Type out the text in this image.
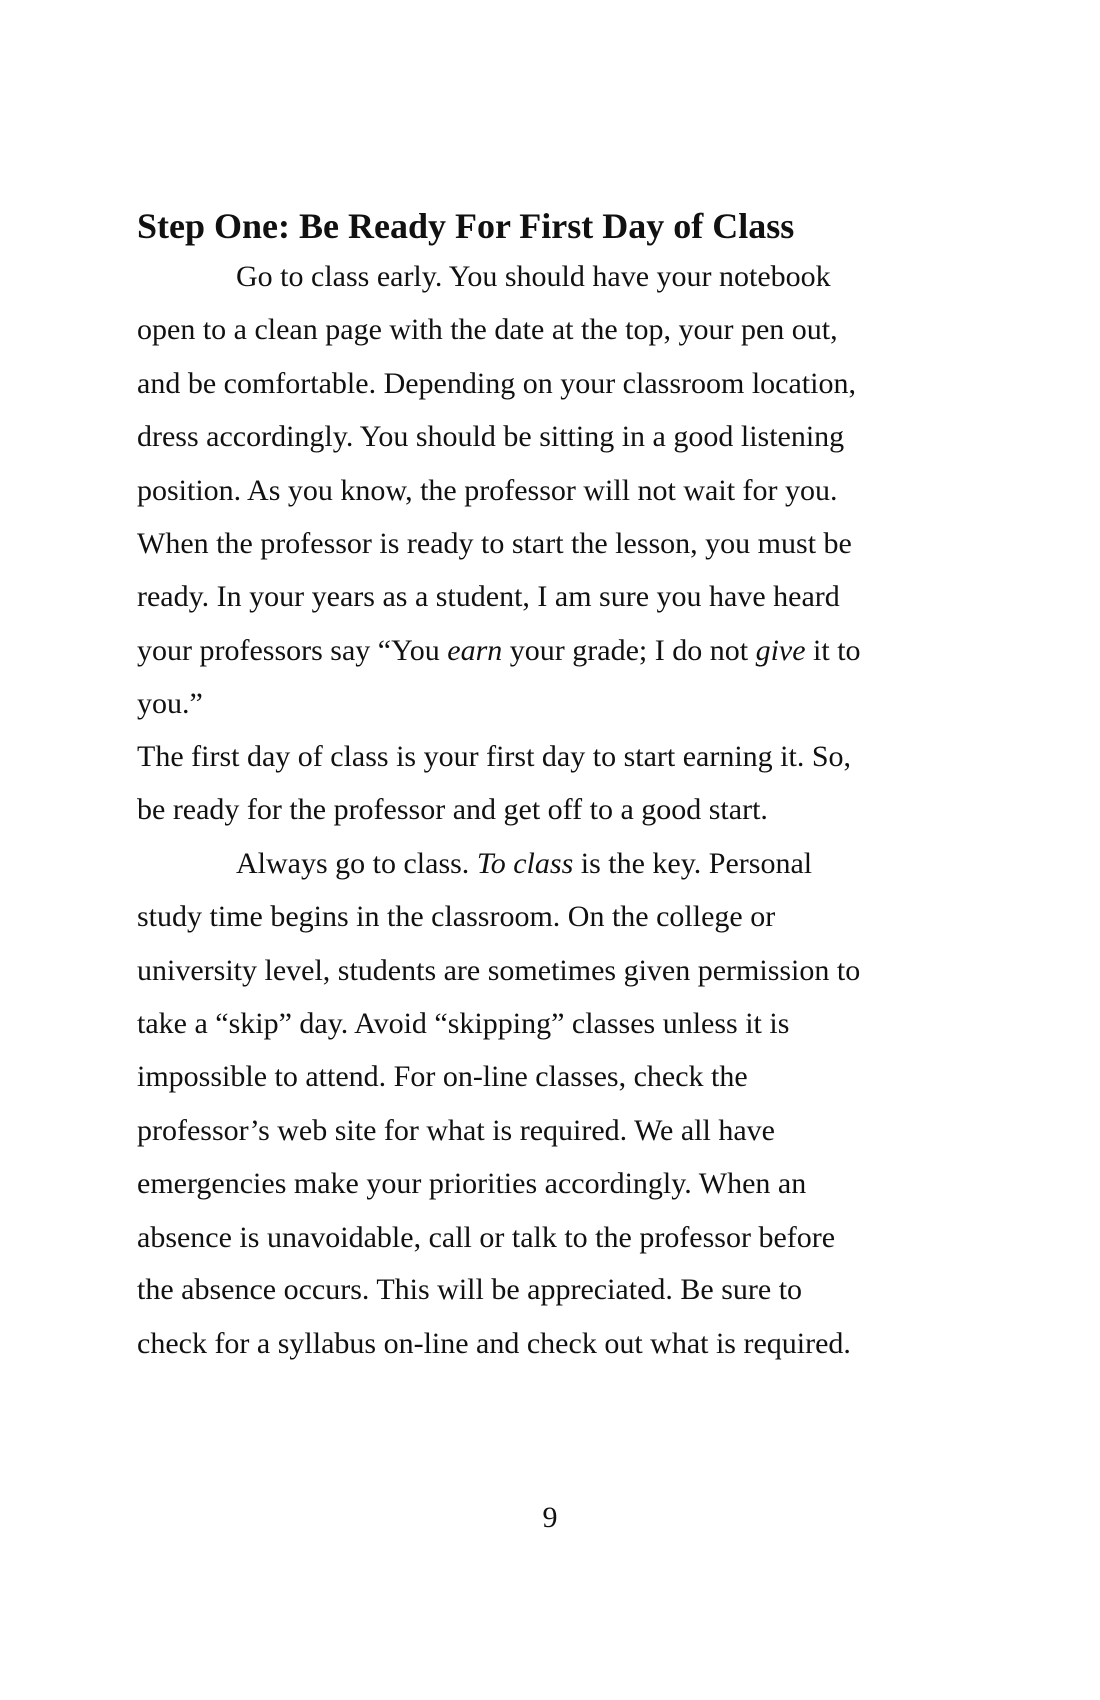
Step One: Be Ready For First Day of Class

Go to class early. You should have your notebook

open to a clean page with the date at the top, your pen out,

and be comfortable. Depending on your classroom location,

dress accordingly. You should be sitting in a good listening

position. As you know, the professor will not wait for you.

When the professor is ready to start the lesson, you must be

ready. In your years as a student, I am sure you have heard

your professors say “You earn your grade; I do not give it to

you.”

The first day of class is your first day to start earning it. So,

be ready for the professor and get off to a good start.

Always go to class. To class is the key. Personal

study time begins in the classroom. On the college or

university level, students are sometimes given permission to

take a “skip” day. Avoid “skipping” classes unless it is

impossible to attend. For on-line classes, check the

professor’s web site for what is required. We all have

emergencies make your priorities accordingly. When an

absence is unavoidable, call or talk to the professor before

the absence occurs. This will be appreciated. Be sure to

check for a syllabus on-line and check out what is required.

9
